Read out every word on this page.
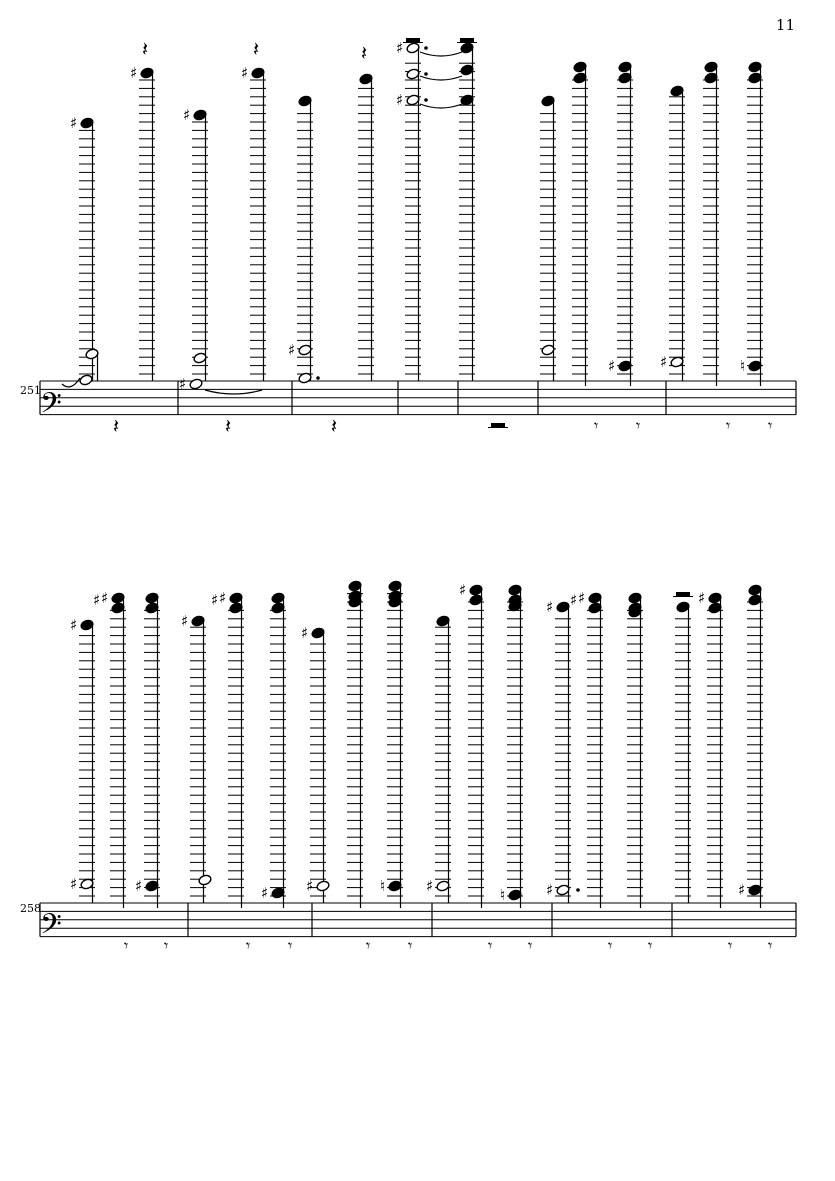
11
251 𝄢
♯
♯
𝄽
𝄽
♯
♯
♯
𝄽
𝄽
♯
𝄽
𝄽
♯
♯
♯
𝄾 𝄾
♯	♮
𝄾 𝄾
258 𝄢
♯
♯
♯
♯
♯
𝄾 𝄾
♯
♯
♯
♯
𝄾 𝄾
♯
♯	♮
𝄾 𝄾
♯
♯
♮
𝄾 𝄾
♯
♯
♯
♯
𝄾 𝄾
♯
♯
𝄾 𝄾
